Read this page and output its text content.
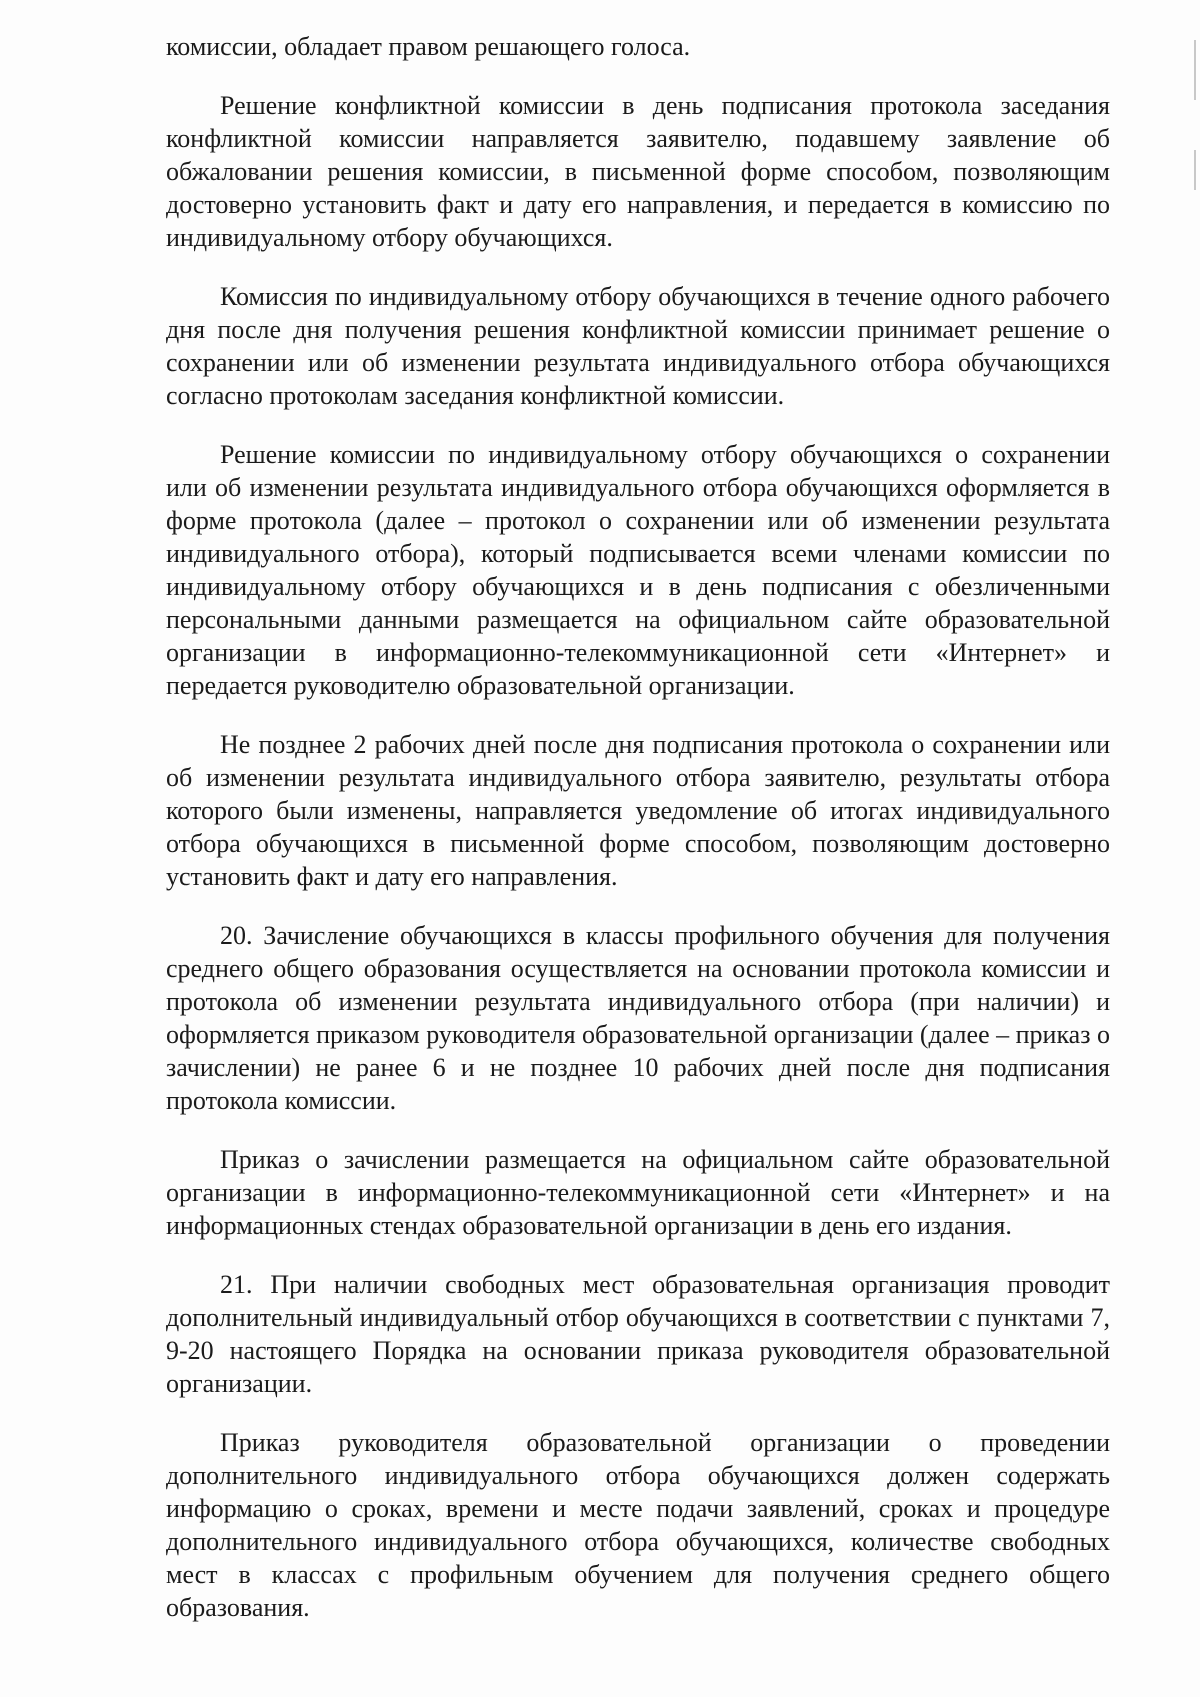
комиссии, обладает правом решающего голоса.

Решение конфликтной комиссии в день подписания протокола заседания конфликтной комиссии направляется заявителю, подавшему заявление об обжаловании решения комиссии, в письменной форме способом, позволяющим достоверно установить факт и дату его направления, и передается в комиссию по индивидуальному отбору обучающихся.

Комиссия по индивидуальному отбору обучающихся в течение одного рабочего дня после дня получения решения конфликтной комиссии принимает решение о сохранении или об изменении результата индивидуального отбора обучающихся согласно протоколам заседания конфликтной комиссии.

Решение комиссии по индивидуальному отбору обучающихся о сохранении или об изменении результата индивидуального отбора обучающихся оформляется в форме протокола (далее – протокол о сохранении или об изменении результата индивидуального отбора), который подписывается всеми членами комиссии по индивидуальному отбору обучающихся и в день подписания с обезличенными персональными данными размещается на официальном сайте образовательной организации в информационно-телекоммуникационной сети «Интернет» и передается руководителю образовательной организации.

Не позднее 2 рабочих дней после дня подписания протокола о сохранении или об изменении результата индивидуального отбора заявителю, результаты отбора которого были изменены, направляется уведомление об итогах индивидуального отбора обучающихся в письменной форме способом, позволяющим достоверно установить факт и дату его направления.

20. Зачисление обучающихся в классы профильного обучения для получения среднего общего образования осуществляется на основании протокола комиссии и протокола об изменении результата индивидуального отбора (при наличии) и оформляется приказом руководителя образовательной организации (далее – приказ о зачислении) не ранее 6 и не позднее 10 рабочих дней после дня подписания протокола комиссии.

Приказ о зачислении размещается на официальном сайте образовательной организации в информационно-телекоммуникационной сети «Интернет» и на информационных стендах образовательной организации в день его издания.

21. При наличии свободных мест образовательная организация проводит дополнительный индивидуальный отбор обучающихся в соответствии с пунктами 7, 9-20 настоящего Порядка на основании приказа руководителя образовательной организации.

Приказ руководителя образовательной организации о проведении дополнительного индивидуального отбора обучающихся должен содержать информацию о сроках, времени и месте подачи заявлений, сроках и процедуре дополнительного индивидуального отбора обучающихся, количестве свободных мест в классах с профильным обучением для получения среднего общего образования.
